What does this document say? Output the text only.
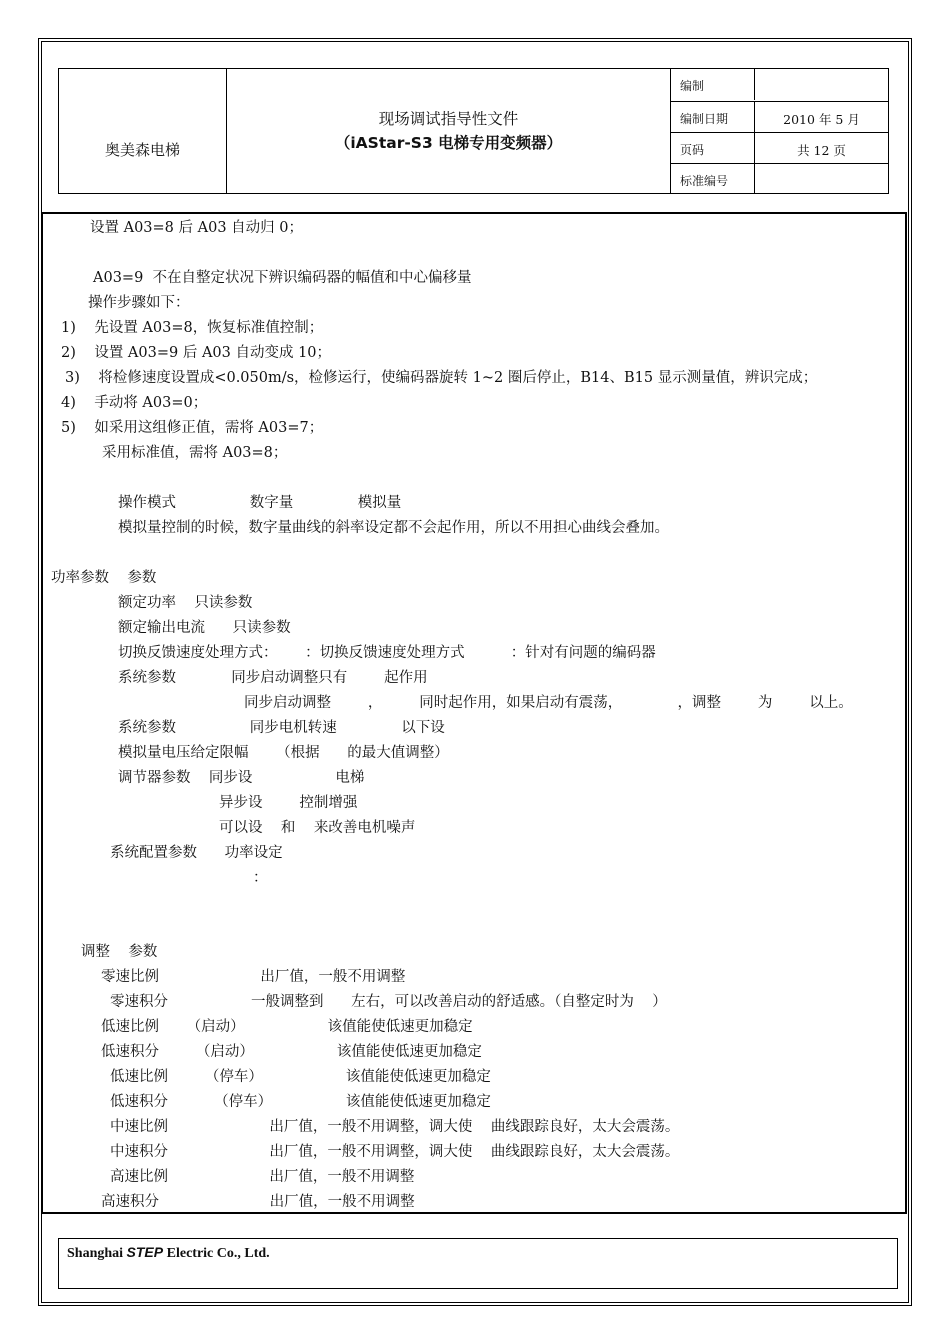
奥美森电梯
现场调试指导性文件
（iAStar-S3 电梯专用变频器）
编制
编制日期	2010 年 5 月
页码	共 12 页
标准编号
设置 A03=8 后 A03 自动归 0；
A03=9  不在自整定状况下辨识编码器的幅值和中心偏移量
操作步骤如下：
1)    先设置 A03=8，恢复标准值控制；
2)    设置 A03=9 后 A03 自动变成 10；
3)    将检修速度设置成<0.050m/s，检修运行，使编码器旋转 1~2 圈后停止，B14、B15 显示测量值，辨识完成；
4)    手动将 A03=0；
5)    如采用这组修正值，需将 A03=7；
采用标准值，需将 A03=8；
操作模式                数字量              模拟量
模拟量控制的时候，数字量曲线的斜率设定都不会起作用，所以不用担心曲线会叠加。
功率参数    参数
额定功率    只读参数
额定输出电流      只读参数
切换反馈速度处理方式：      ：切换反馈速度处理方式          ：针对有问题的编码器
系统参数            同步启动调整只有        起作用
同步启动调整        ，        同时起作用，如果启动有震荡，            ，调整        为        以上。
系统参数                同步电机转速              以下设
模拟量电压给定限幅      （根据      的最大值调整）
调节器参数    同步设                  电梯
异步设        控制增强
可以设    和    来改善电机噪声
系统配置参数      功率设定
：
调整    参数
零速比例                      出厂值，一般不用调整
零速积分                  一般调整到      左右，可以改善启动的舒适感。（自整定时为    ）
低速比例      （启动）                  该值能使低速更加稳定
低速积分        （启动）                  该值能使低速更加稳定
低速比例        （停车）                  该值能使低速更加稳定
低速积分          （停车）                该值能使低速更加稳定
中速比例                      出厂值，一般不用调整，调大使    曲线跟踪良好，太大会震荡。
中速积分                      出厂值，一般不用调整，调大使    曲线跟踪良好，太大会震荡。
高速比例                      出厂值，一般不用调整
高速积分                        出厂值，一般不用调整
Shanghai STEP Electric Co., Ltd.
